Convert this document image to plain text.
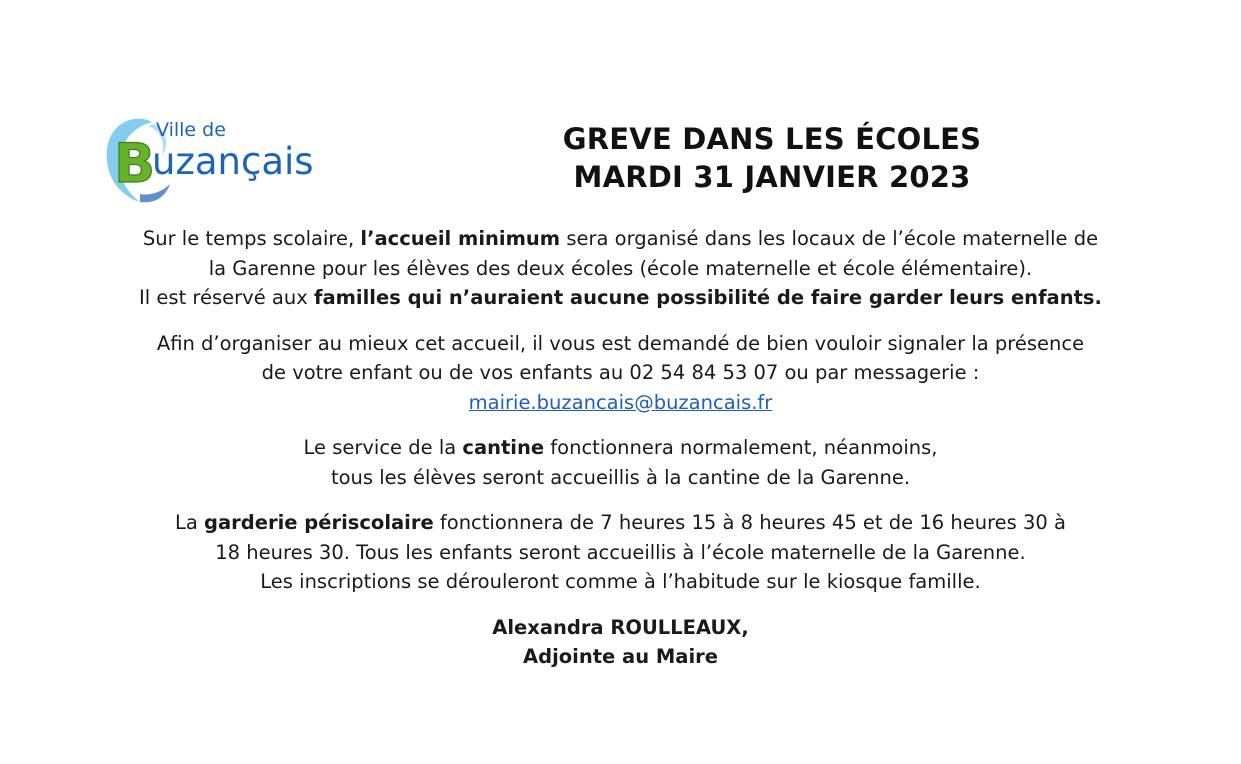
B
Ville de
uzançais
GREVE DANS LES ÉCOLES
MARDI 31 JANVIER 2023
Sur le temps scolaire, l’accueil minimum sera organisé dans les locaux de l’école maternelle de
la Garenne pour les élèves des deux écoles (école maternelle et école élémentaire).
Il est réservé aux familles qui n’auraient aucune possibilité de faire garder leurs enfants.
Afin d’organiser au mieux cet accueil, il vous est demandé de bien vouloir signaler la présence
de votre enfant ou de vos enfants au 02 54 84 53 07 ou par messagerie :
mairie.buzancais@buzancais.fr
Le service de la cantine fonctionnera normalement, néanmoins,
tous les élèves seront accueillis à la cantine de la Garenne.
La garderie périscolaire fonctionnera de 7 heures 15 à 8 heures 45 et de 16 heures 30 à
18 heures 30. Tous les enfants seront accueillis à l’école maternelle de la Garenne.
Les inscriptions se dérouleront comme à l’habitude sur le kiosque famille.
Alexandra ROULLEAUX,
Adjointe au Maire
